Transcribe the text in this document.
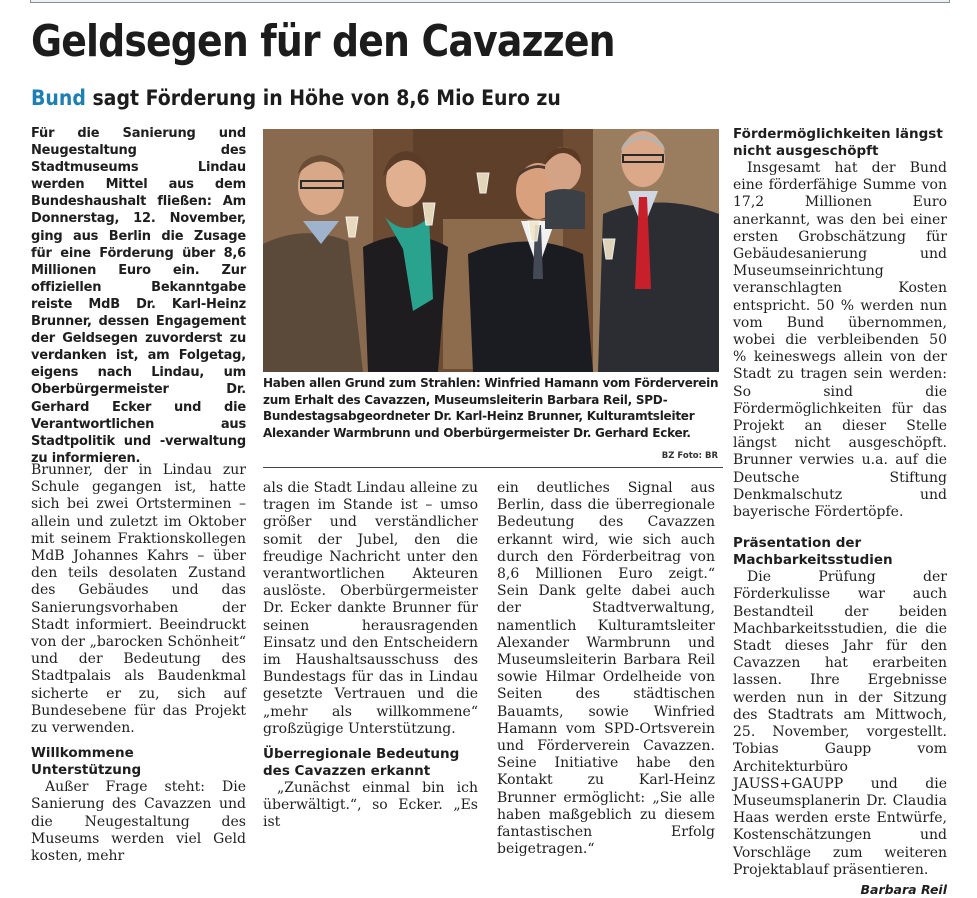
Geldsegen für den Cavazzen
Bund sagt Förderung in Höhe von 8,6 Mio Euro zu
Für die Sanierung und Neugestaltung des Stadtmuseums Lindau werden Mittel aus dem Bundeshaushalt fließen: Am Donnerstag, 12. November, ging aus Berlin die Zusage für eine Förderung über 8,6 Millionen Euro ein. Zur offiziellen Bekanntgabe reiste MdB Dr. Karl-Heinz Brunner, dessen Engagement der Geldsegen zuvorderst zu verdanken ist, am Folgetag, eigens nach Lindau, um Oberbürgermeister Dr. Gerhard Ecker und die Verantwortlichen aus Stadtpolitik und -verwaltung zu informieren.
Haben allen Grund zum Strahlen: Winfried Hamann vom Förderverein zum Erhalt des Cavazzen, Museumsleiterin Barbara Reil, SPD-Bundestagsabgeordneter Dr. Karl-Heinz Brunner, Kulturamtsleiter Alexander Warmbrunn und Oberbürgermeister Dr. Gerhard Ecker.
BZ Foto: BR

Brunner, der in Lindau zur Schule gegangen ist, hatte sich bei zwei Ortsterminen – allein und zuletzt im Oktober mit seinem Fraktionskollegen MdB Johannes Kahrs – über den teils desolaten Zustand des Gebäudes und das Sanierungsvorhaben der Stadt informiert. Beeindruckt von der „barocken Schönheit“ und der Bedeutung des Stadtpalais als Baudenkmal sicherte er zu, sich auf Bundesebene für das Projekt zu verwenden.

Willkommene Unterstützung

Außer Frage steht: Die Sanierung des Cavazzen und die Neugestaltung des Museums werden viel Geld kosten, mehr

als die Stadt Lindau alleine zu tragen im Stande ist – umso größer und verständlicher somit der Jubel, den die freudige Nachricht unter den verantwortlichen Akteuren auslöste. Oberbürgermeister Dr. Ecker dankte Brunner für seinen herausragenden Einsatz und den Entscheidern im Haushaltsausschuss des Bundestags für das in Lindau gesetzte Vertrauen und die „mehr als willkommene“ großzügige Unterstützung.

Überregionale Bedeutung des Cavazzen erkannt

„Zunächst einmal bin ich überwältigt.“, so Ecker. „Es ist

ein deutliches Signal aus Berlin, dass die überregionale Bedeutung des Cavazzen erkannt wird, wie sich auch durch den Förderbeitrag von 8,6 Millionen Euro zeigt.“ Sein Dank gelte dabei auch der Stadtverwaltung, namentlich Kulturamtsleiter Alexander Warmbrunn und Museumsleiterin Barbara Reil sowie Hilmar Ordelheide von Seiten des städtischen Bauamts, sowie Winfried Hamann vom SPD-Ortsverein und Förderverein Cavazzen. Seine Initiative habe den Kontakt zu Karl-Heinz Brunner ermöglicht: „Sie alle haben maßgeblich zu diesem fantastischen Erfolg beigetragen.“

Fördermöglichkeiten längst nicht ausgeschöpft

Insgesamt hat der Bund eine förderfähige Summe von 17,2 Millionen Euro anerkannt, was den bei einer ersten Grobschätzung für Gebäudesanierung und Museumseinrichtung veranschlagten Kosten entspricht. 50 % werden nun vom Bund übernommen, wobei die verbleibenden 50 % keineswegs allein von der Stadt zu tragen sein werden: So sind die Fördermöglichkeiten für das Projekt an dieser Stelle längst nicht ausgeschöpft. Brunner verwies u.a. auf die Deutsche Stiftung Denkmalschutz und bayerische Fördertöpfe.

Präsentation der Machbarkeitsstudien

Die Prüfung der Förderkulisse war auch Bestandteil der beiden Machbarkeitsstudien, die die Stadt dieses Jahr für den Cavazzen hat erarbeiten lassen. Ihre Ergebnisse werden nun in der Sitzung des Stadtrats am Mittwoch, 25. November, vorgestellt. Tobias Gaupp vom Architekturbüro JAUSS+GAUPP und die Museumsplanerin Dr. Claudia Haas werden erste Entwürfe, Kostenschätzungen und Vorschläge zum weiteren Projektablauf präsentieren.

Barbara Reil
